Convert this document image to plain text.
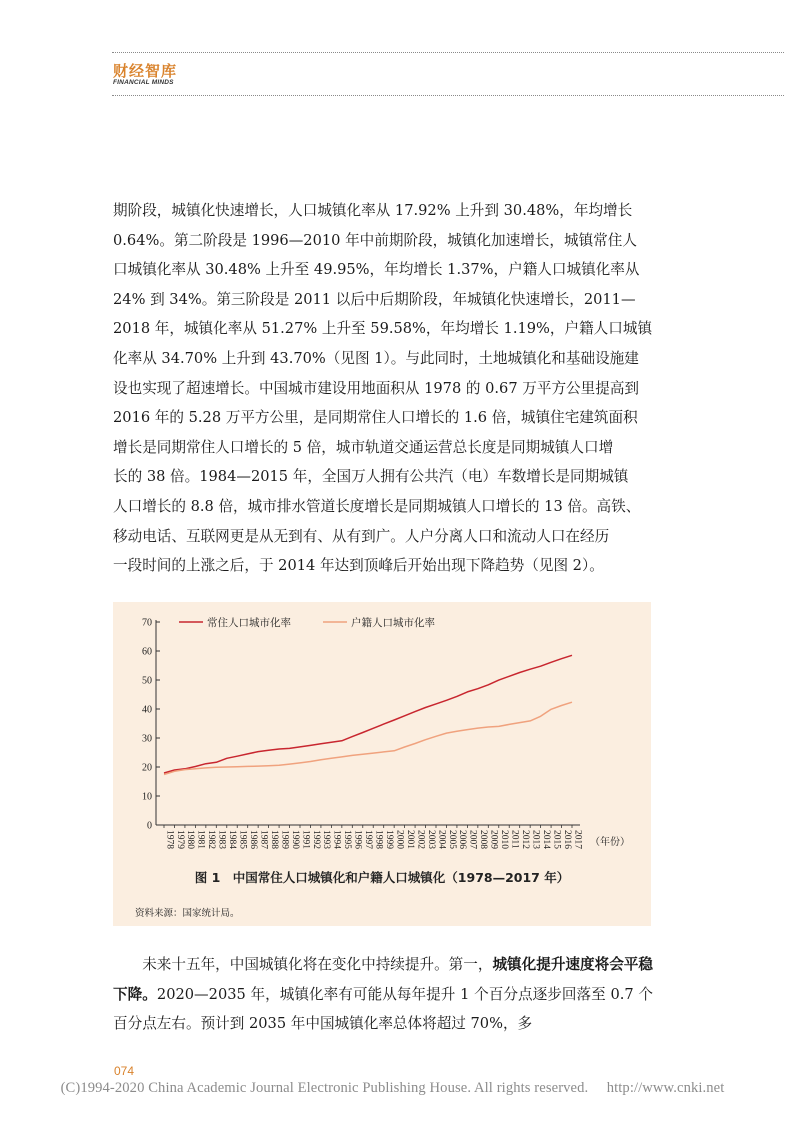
财经智库
FINANCIAL MINDS
期阶段，城镇化快速增长，人口城镇化率从 17.92% 上升到 30.48%，年均增长
0.64%。第二阶段是 1996—2010 年中前期阶段，城镇化加速增长，城镇常住人
口城镇化率从 30.48% 上升至 49.95%，年均增长 1.37%，户籍人口城镇化率从
24% 到 34%。第三阶段是 2011 以后中后期阶段，年城镇化快速增长，2011—
2018 年，城镇化率从 51.27% 上升至 59.58%，年均增长 1.19%，户籍人口城镇
化率从 34.70% 上升到 43.70%（见图 1）。与此同时，土地城镇化和基础设施建
设也实现了超速增长。中国城市建设用地面积从 1978 的 0.67 万平方公里提高到
2016 年的 5.28 万平方公里，是同期常住人口增长的 1.6 倍，城镇住宅建筑面积
增长是同期常住人口增长的 5 倍，城市轨道交通运营总长度是同期城镇人口增
长的 38 倍。1984—2015 年，全国万人拥有公共汽（电）车数增长是同期城镇
人口增长的 8.8 倍，城市排水管道长度增长是同期城镇人口增长的 13 倍。高铁、
移动电话、互联网更是从无到有、从有到广。人户分离人口和流动人口在经历
一段时间的上涨之后，于 2014 年达到顶峰后开始出现下降趋势（见图 2）。
0
10
20
30
40
50
60
70
1978 1979 1980 1981 1982 1983 1984 1985 1986 1987 1988 1989 1990 1991 1992 1993 1994 1995 1996 1997 1998 1999 2000 2001 2002 2003 2004 2005 2006 2007 2008 2009 2010 2011 2012 2013 2014 2015 2016 2017 （年份）
常住人口城市化率	户籍人口城市化率
图 1　中国常住人口城镇化和户籍人口城镇化（1978—2017 年）
资料来源：国家统计局。

未来十五年，中国城镇化将在变化中持续提升。第一，城镇化提升速度将会平稳下降。2020—2035 年，城镇化率有可能从每年提升 1 个百分点逐步回落至 0.7 个百分点左右。预计到 2035 年中国城镇化率总体将超过 70%，多

074
(C)1994-2020 China Academic Journal Electronic Publishing House. All rights reserved.　 http://www.cnki.net
